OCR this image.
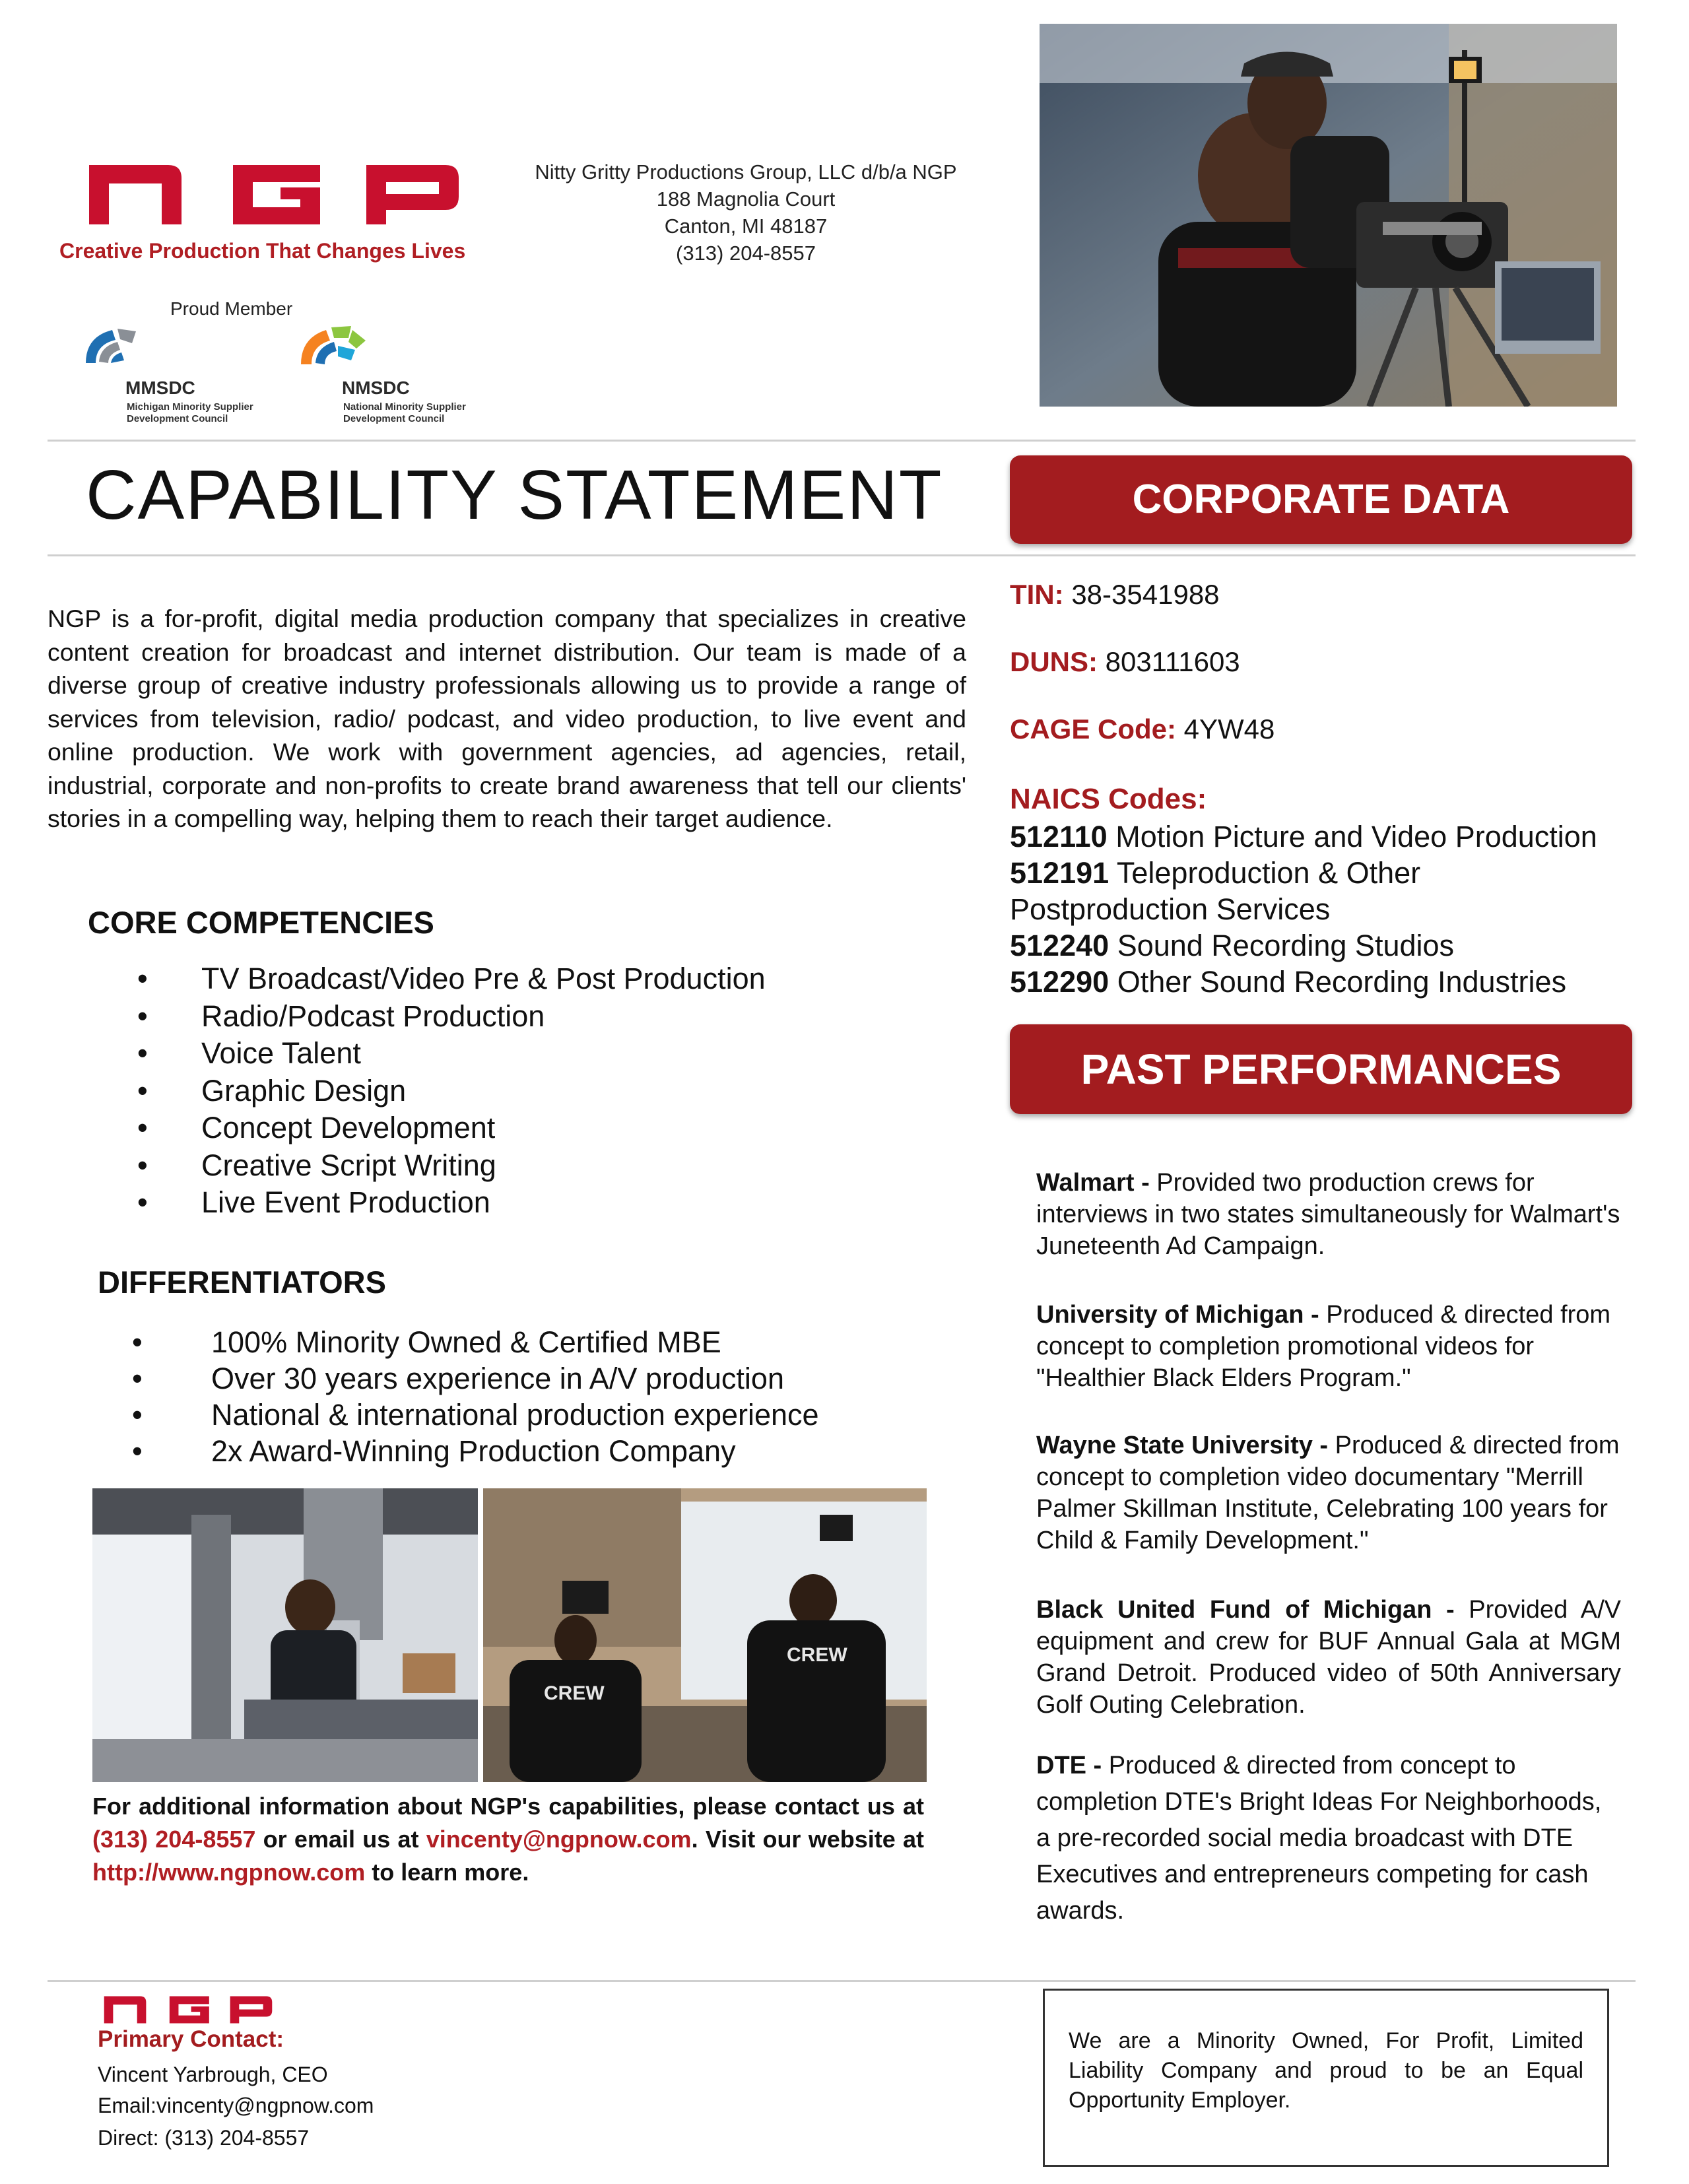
Creative Production That Changes Lives
Nitty Gritty Productions Group, LLC d/b/a NGP
188 Magnolia Court
Canton, MI 48187
(313) 204-8557
Proud Member
MMSDC
Michigan Minority Supplier
Development Council
NMSDC
National Minority Supplier
Development Council
CAPABILITY STATEMENT	CORPORATE DATA
NGP is a for-profit, digital media production company that specializes in creative content creation for broadcast and internet distribution. Our team is made of a diverse group of creative industry professionals allowing us to provide a range of services from television, radio/ podcast, and video production, to live event and online production. We work with government agencies, ad agencies, retail, industrial, corporate and non-profits to create brand awareness that tell our clients' stories in a compelling way, helping them to reach their target audience.
CORE COMPETENCIES
• TV Broadcast/Video Pre & Post Production
• Radio/Podcast Production
• Voice Talent
• Graphic Design
• Concept Development
• Creative Script Writing
• Live Event Production
DIFFERENTIATORS
• 100% Minority Owned & Certified MBE
• Over 30 years experience in A/V production
• National & international production experience
• 2x Award-Winning Production Company
CREW
CREW
For additional information about NGP's capabilities, please contact us at (313) 204-8557 or email us at vincenty@ngpnow.com. Visit our website at http://www.ngpnow.com to learn more.
TIN: 38-3541988
DUNS: 803111603
CAGE Code: 4YW48
NAICS Codes:
512110 Motion Picture and Video Production
512191 Teleproduction & Other Postproduction Services
512240 Sound Recording Studios
512290 Other Sound Recording Industries
PAST PERFORMANCES
Walmart - Provided two production crews for interviews in two states simultaneously for Walmart's Juneteenth Ad Campaign.
University of Michigan - Produced & directed from concept to completion promotional videos for "Healthier Black Elders Program."
Wayne State University - Produced & directed from concept to completion video documentary "Merrill Palmer Skillman Institute, Celebrating 100 years for Child & Family Development."
Black United Fund of Michigan - Provided A/V equipment and crew for BUF Annual Gala at MGM Grand Detroit. Produced video of 50th Anniversary Golf Outing Celebration.
DTE - Produced & directed from concept to completion DTE's Bright Ideas For Neighborhoods, a pre-recorded social media broadcast with DTE Executives and entrepreneurs competing for cash awards.
Primary Contact:
Vincent Yarbrough, CEO
Email:vincenty@ngpnow.com
Direct: (313) 204-8557
We are a Minority Owned, For Profit, Limited Liability Company and proud to be an Equal Opportunity Employer.
